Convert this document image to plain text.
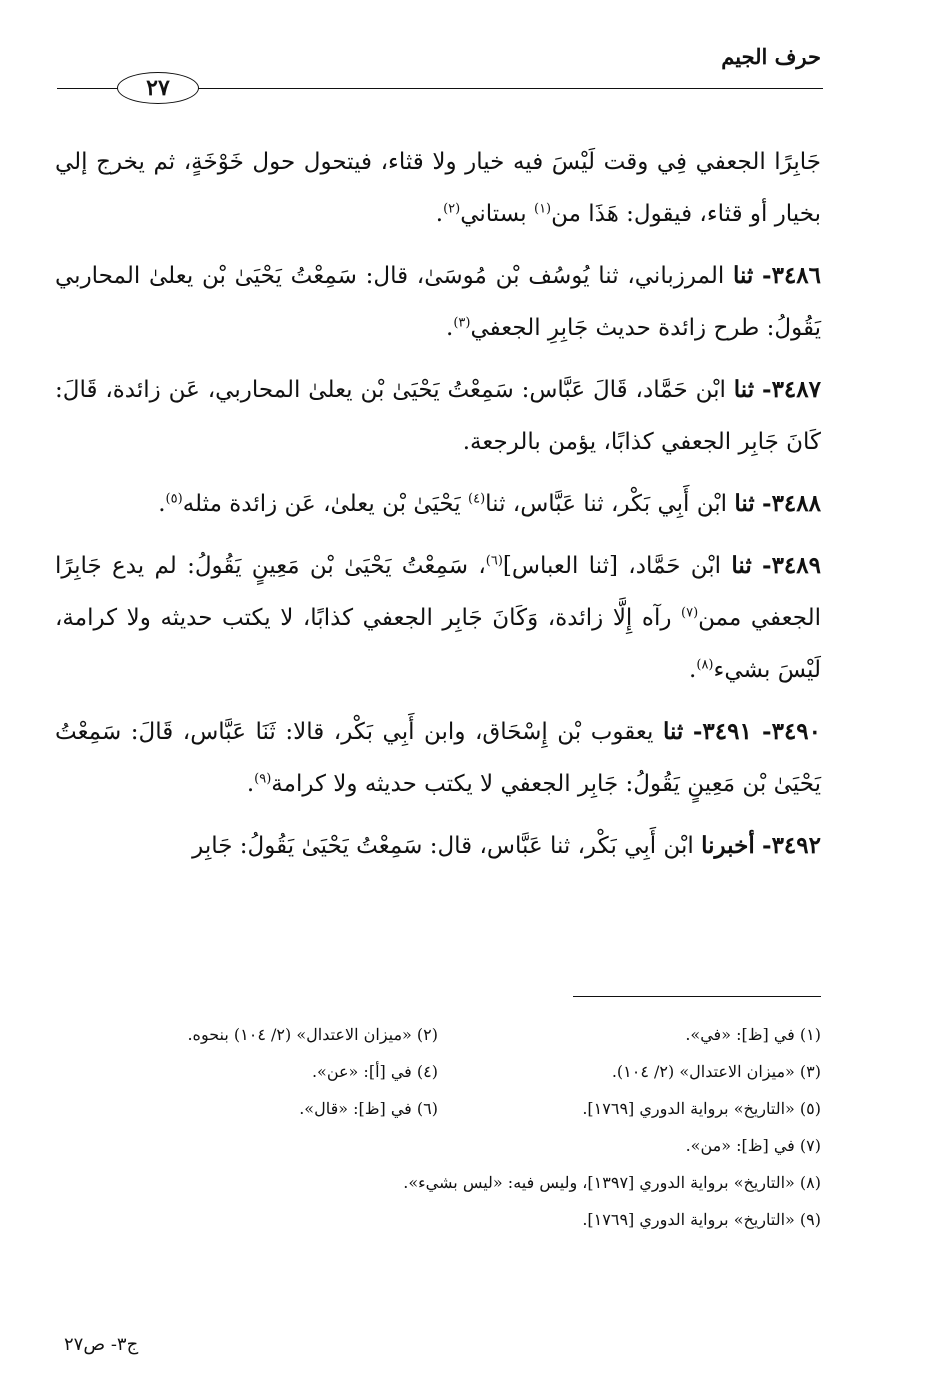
حرف الجيم
٢٧

جَابِرًا الجعفي فِي وقت لَيْسَ فيه خيار ولا قثاء، فيتحول حول خَوْخَةٍ، ثم يخرج إلي بخيار أو قثاء، فيقول: هَذَا من$^{(١)}$ بستاني$^{(٢)}$.

٣٤٨٦- ثنا المرزباني، ثنا يُوسُف بْن مُوسَىٰ، قال: سَمِعْتُ يَحْيَىٰ بْن يعلىٰ المحاربي يَقُولُ: طرح زائدة حديث جَابِرِ الجعفي$^{(٣)}$.

٣٤٨٧- ثنا ابْن حَمَّاد، قَالَ عَبَّاس: سَمِعْتُ يَحْيَىٰ بْن يعلىٰ المحاربي، عَن زائدة، قَالَ: كَانَ جَابِر الجعفي كذابًا، يؤمن بالرجعة.

٣٤٨٨- ثنا ابْن أَبِي بَكْر، ثنا عَبَّاس، ثنا$^{(٤)}$ يَحْيَىٰ بْن يعلىٰ، عَن زائدة مثله$^{(٥)}$.

٣٤٨٩- ثنا ابْن حَمَّاد، [ثنا العباس]$^{(٦)}$، سَمِعْتُ يَحْيَىٰ بْن مَعِينٍ يَقُولُ: لم يدع جَابِرًا الجعفي ممن$^{(٧)}$ رآه إِلَّا زائدة، وَكَانَ جَابِر الجعفي كذابًا، لا يكتب حديثه ولا كرامة، لَيْسَ بشيء$^{(٨)}$.

٣٤٩٠- ٣٤٩١- ثنا يعقوب بْن إِسْحَاق، وابن أَبِي بَكْر، قالا: ثَنَا عَبَّاس، قَالَ: سَمِعْتُ يَحْيَىٰ بْن مَعِينٍ يَقُولُ: جَابِر الجعفي لا يكتب حديثه ولا كرامة$^{(٩)}$.

٣٤٩٢- أخبرنا ابْن أَبِي بَكْر، ثنا عَبَّاس، قال: سَمِعْتُ يَحْيَىٰ يَقُولُ: جَابِر

(١) في [ظ]: «في».
(٢) «ميزان الاعتدال» (٢/ ١٠٤) بنحوه.
(٣) «ميزان الاعتدال» (٢/ ١٠٤).
(٤) في [أ]: «عن».
(٥) «التاريخ» برواية الدوري [١٧٦٩].
(٦) في [ظ]: «قال».
(٧) في [ظ]: «من».
(٨) «التاريخ» برواية الدوري [١٣٩٧]، وليس فيه: «ليس بشيء».
(٩) «التاريخ» برواية الدوري [١٧٦٩].
ج٣- ص٢٧
